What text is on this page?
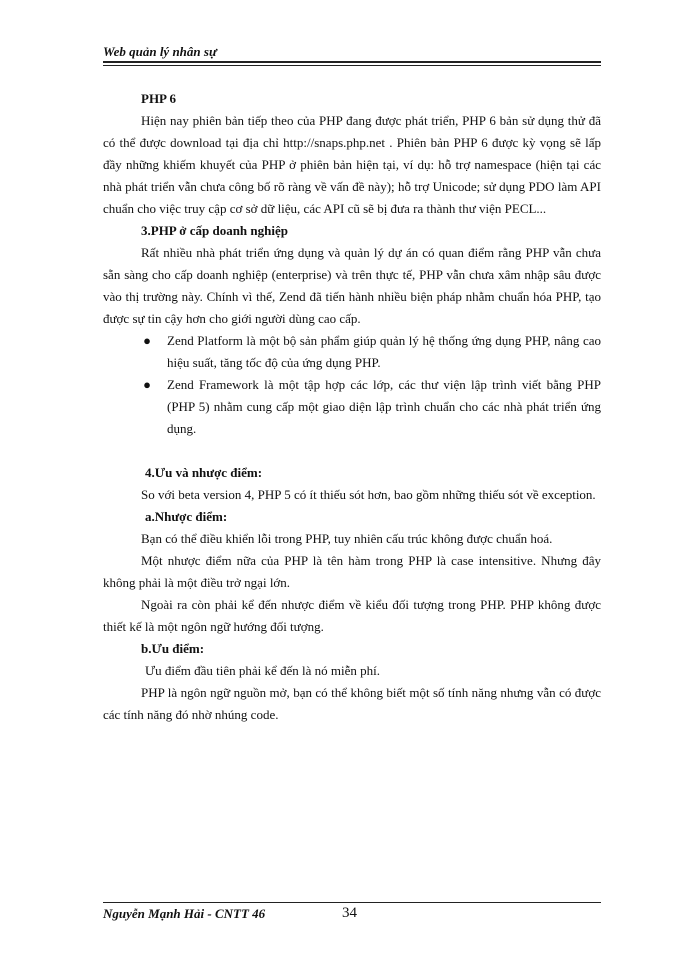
Web quản lý nhân sự

PHP 6

Hiện nay phiên bản tiếp theo của PHP đang được phát triển, PHP 6 bản sử dụng thử đã có thể được download tại địa chỉ http://snaps.php.net . Phiên bản PHP 6 được kỳ vọng sẽ lấp đầy những khiếm khuyết của PHP ở phiên bản hiện tại, ví dụ: hỗ trợ namespace (hiện tại các nhà phát triển vẫn chưa công bố rõ ràng về vấn đề này); hỗ trợ Unicode; sử dụng PDO làm API chuẩn cho việc truy cập cơ sở dữ liệu, các API cũ sẽ bị đưa ra thành thư viện PECL...

3.PHP ở cấp doanh nghiệp

Rất nhiều nhà phát triển ứng dụng và quản lý dự án có quan điểm rằng PHP vẫn chưa sẵn sàng cho cấp doanh nghiệp (enterprise) và trên thực tế, PHP vẫn chưa xâm nhập sâu được vào thị trường này. Chính vì thế, Zend đã tiến hành nhiều biện pháp nhằm chuẩn hóa PHP, tạo được sự tin cậy hơn cho giới người dùng cao cấp.

● Zend Platform là một bộ sản phẩm giúp quản lý hệ thống ứng dụng PHP, nâng cao hiệu suất, tăng tốc độ của ứng dụng PHP.
● Zend Framework là một tập hợp các lớp, các thư viện lập trình viết bằng PHP (PHP 5) nhằm cung cấp một giao diện lập trình chuẩn cho các nhà phát triển ứng dụng.

4.Ưu và nhược điểm:

So với beta version 4, PHP 5 có ít thiếu sót hơn, bao gồm những thiếu sót về exception.

a.Nhược điểm:

Bạn có thể điều khiển lỗi trong PHP, tuy nhiên cấu trúc không được chuẩn hoá.

Một nhược điểm nữa của PHP là tên hàm trong PHP là case intensitive. Nhưng đây không phải là một điều trở ngại lớn.

Ngoài ra còn phải kể đến nhược điểm về kiểu đối tượng trong PHP. PHP không được thiết kế là một ngôn ngữ hướng đối tượng.

b.Ưu điểm:

Ưu điểm đầu tiên phải kể đến là nó miễn phí.

PHP là ngôn ngữ nguồn mở, bạn có thể không biết một số tính năng nhưng vẫn có được các tính năng đó nhờ nhúng code.

Nguyễn Mạnh Hải - CNTT 46	34
